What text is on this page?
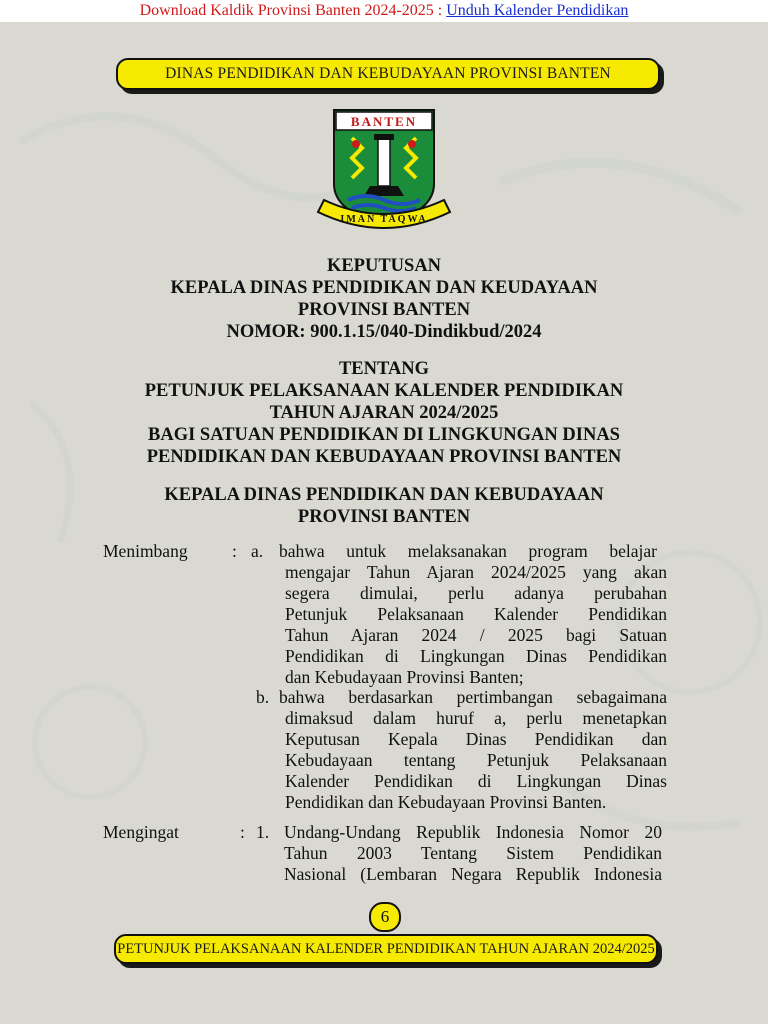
Download Kaldik Provinsi Banten 2024-2025 : Unduh Kalender Pendidikan
DINAS PENDIDIKAN DAN KEBUDAYAAN PROVINSI BANTEN
BANTEN
IMAN TAQWA
KEPUTUSAN
KEPALA DINAS PENDIDIKAN DAN KEUDAYAAN
PROVINSI BANTEN
NOMOR: 900.1.15/040-Dindikbud/2024
TENTANG
PETUNJUK PELAKSANAAN KALENDER PENDIDIKAN
TAHUN AJARAN 2024/2025
BAGI SATUAN PENDIDIKAN DI LINGKUNGAN DINAS
PENDIDIKAN DAN KEBUDAYAAN PROVINSI BANTEN
KEPALA DINAS PENDIDIKAN DAN KEBUDAYAAN
PROVINSI BANTEN
Menimbang	: a. bahwa untuk melaksanakan program belajar
mengajar Tahun Ajaran 2024/2025 yang akan
segera dimulai, perlu adanya perubahan
Petunjuk Pelaksanaan Kalender Pendidikan
Tahun Ajaran 2024 / 2025 bagi Satuan
Pendidikan di Lingkungan Dinas Pendidikan
dan Kebudayaan Provinsi Banten;
b. bahwa berdasarkan pertimbangan sebagaimana
dimaksud dalam huruf a, perlu menetapkan
Keputusan Kepala Dinas Pendidikan dan
Kebudayaan tentang Petunjuk Pelaksanaan
Kalender Pendidikan di Lingkungan Dinas
Pendidikan dan Kebudayaan Provinsi Banten.
Mengingat	: 1. Undang-Undang Republik Indonesia Nomor 20
Tahun 2003 Tentang Sistem Pendidikan
Nasional (Lembaran Negara Republik Indonesia
6
PETUNJUK PELAKSANAAN KALENDER PENDIDIKAN TAHUN AJARAN 2024/2025
